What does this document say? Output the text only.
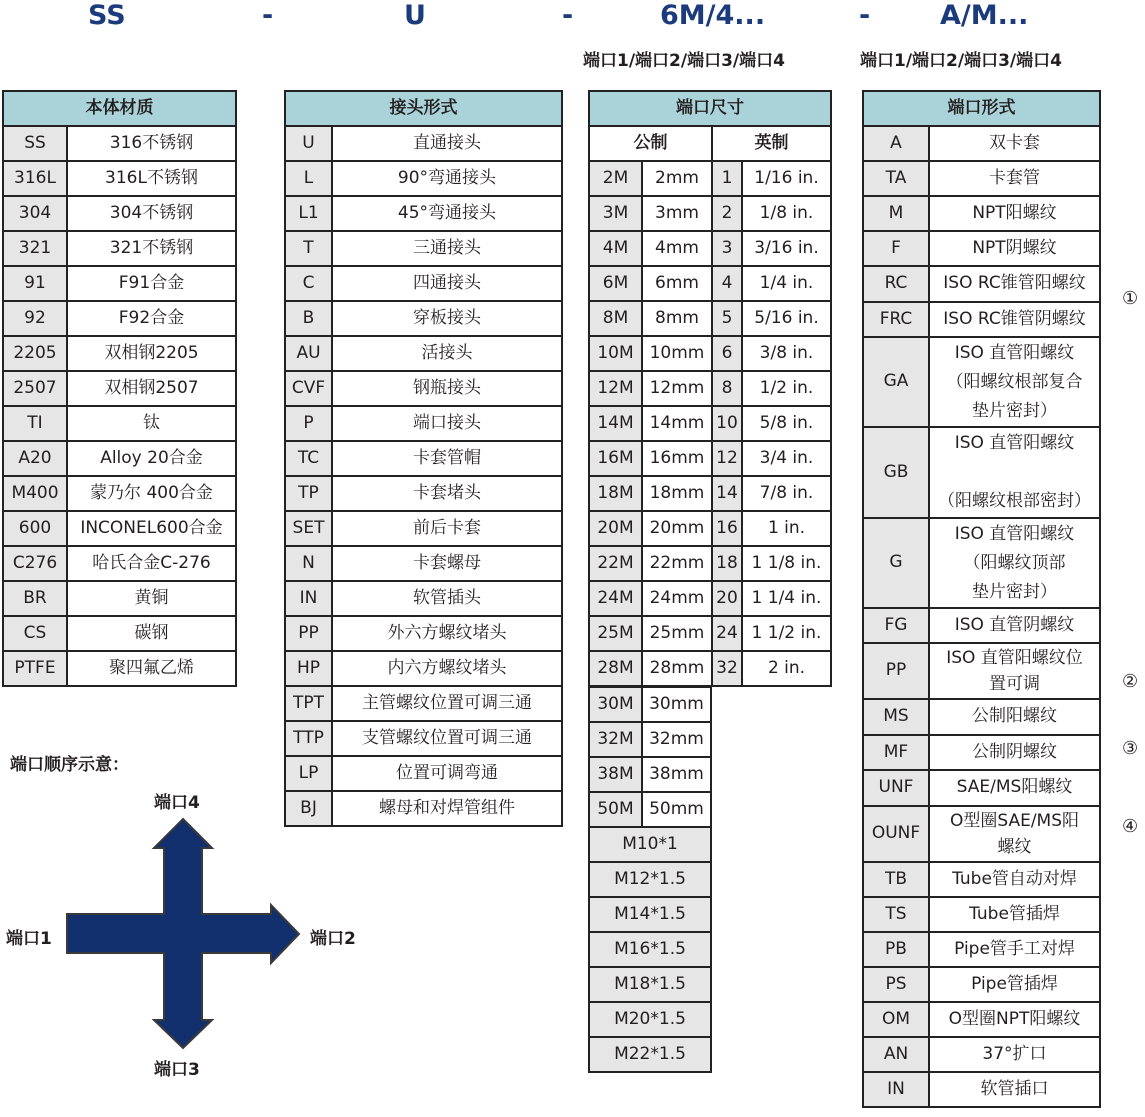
SS	-	U	-	6M/4...	-	A/M...
端口1/端口2/端口3/端口4	端口1/端口2/端口3/端口4
本体材质	
SS	316不锈钢
316L	316L不锈钢
304	304不锈钢
321	321不锈钢
91	F91合金
92	F92合金
2205	双相钢2205
2507	双相钢2507
TI	钛
A20	Alloy 20合金
M400	蒙乃尔 400合金
600	INCONEL600合金
C276	哈氏合金C-276
BR	黄铜
CS	碳钢
PTFE	聚四氟乙烯
接头形式	
U	直通接头
L	90°弯通接头
L1	45°弯通接头
T	三通接头
C	四通接头
B	穿板接头
AU	活接头
CVF	钢瓶接头
P	端口接头
TC	卡套管帽
TP	卡套堵头
SET	前后卡套
N	卡套螺母
IN	软管插头
PP	外六方螺纹堵头
HP	内六方螺纹堵头
TPT	主管螺纹位置可调三通
TTP	支管螺纹位置可调三通
LP	位置可调弯通
BJ	螺母和对焊管组件
端口尺寸			
公制		英制	
2M	2mm	1	1/16 in.
3M	3mm	2	1/8 in.
4M	4mm	3	3/16 in.
6M	6mm	4	1/4 in.
8M	8mm	5	5/16 in.
10M	10mm	6	3/8 in.
12M	12mm	8	1/2 in.
14M	14mm	10	5/8 in.
16M	16mm	12	3/4 in.
18M	18mm	14	7/8 in.
20M	20mm	16	1 in.
22M	22mm	18	1 1/8 in.
24M	24mm	20	1 1/4 in.
25M	25mm	24	1 1/2 in.
28M	28mm	32	2 in.
30M	30mm
32M	32mm
38M	38mm
50M	50mm
M10*1	
M12*1.5	
M14*1.5	
M16*1.5	
M18*1.5	
M20*1.5	
M22*1.5	
端口形式	
A	双卡套
TA	卡套管
M	NPT阳螺纹
F	NPT阴螺纹
RC	ISO RC锥管阳螺纹
FRC	ISO RC锥管阴螺纹
GA	ISO 直管阳螺纹
（阳螺纹根部复合
垫片密封）
GB	ISO 直管阳螺纹

（阳螺纹根部密封）
G	ISO 直管阳螺纹
（阳螺纹顶部
垫片密封）
FG	ISO 直管阴螺纹
PP	ISO 直管阳螺纹位
置可调
MS	公制阳螺纹
MF	公制阴螺纹
UNF	SAE/MS阳螺纹
OUNF	O型圈SAE/MS阳
螺纹
TB	Tube管自动对焊
TS	Tube管插焊
PB	Pipe管手工对焊
PS	Pipe管插焊
OM	O型圈NPT阳螺纹
AN	37°扩口
IN	软管插口
①
②
③
④
端口顺序示意：
端口4
端口1	端口2
端口3
